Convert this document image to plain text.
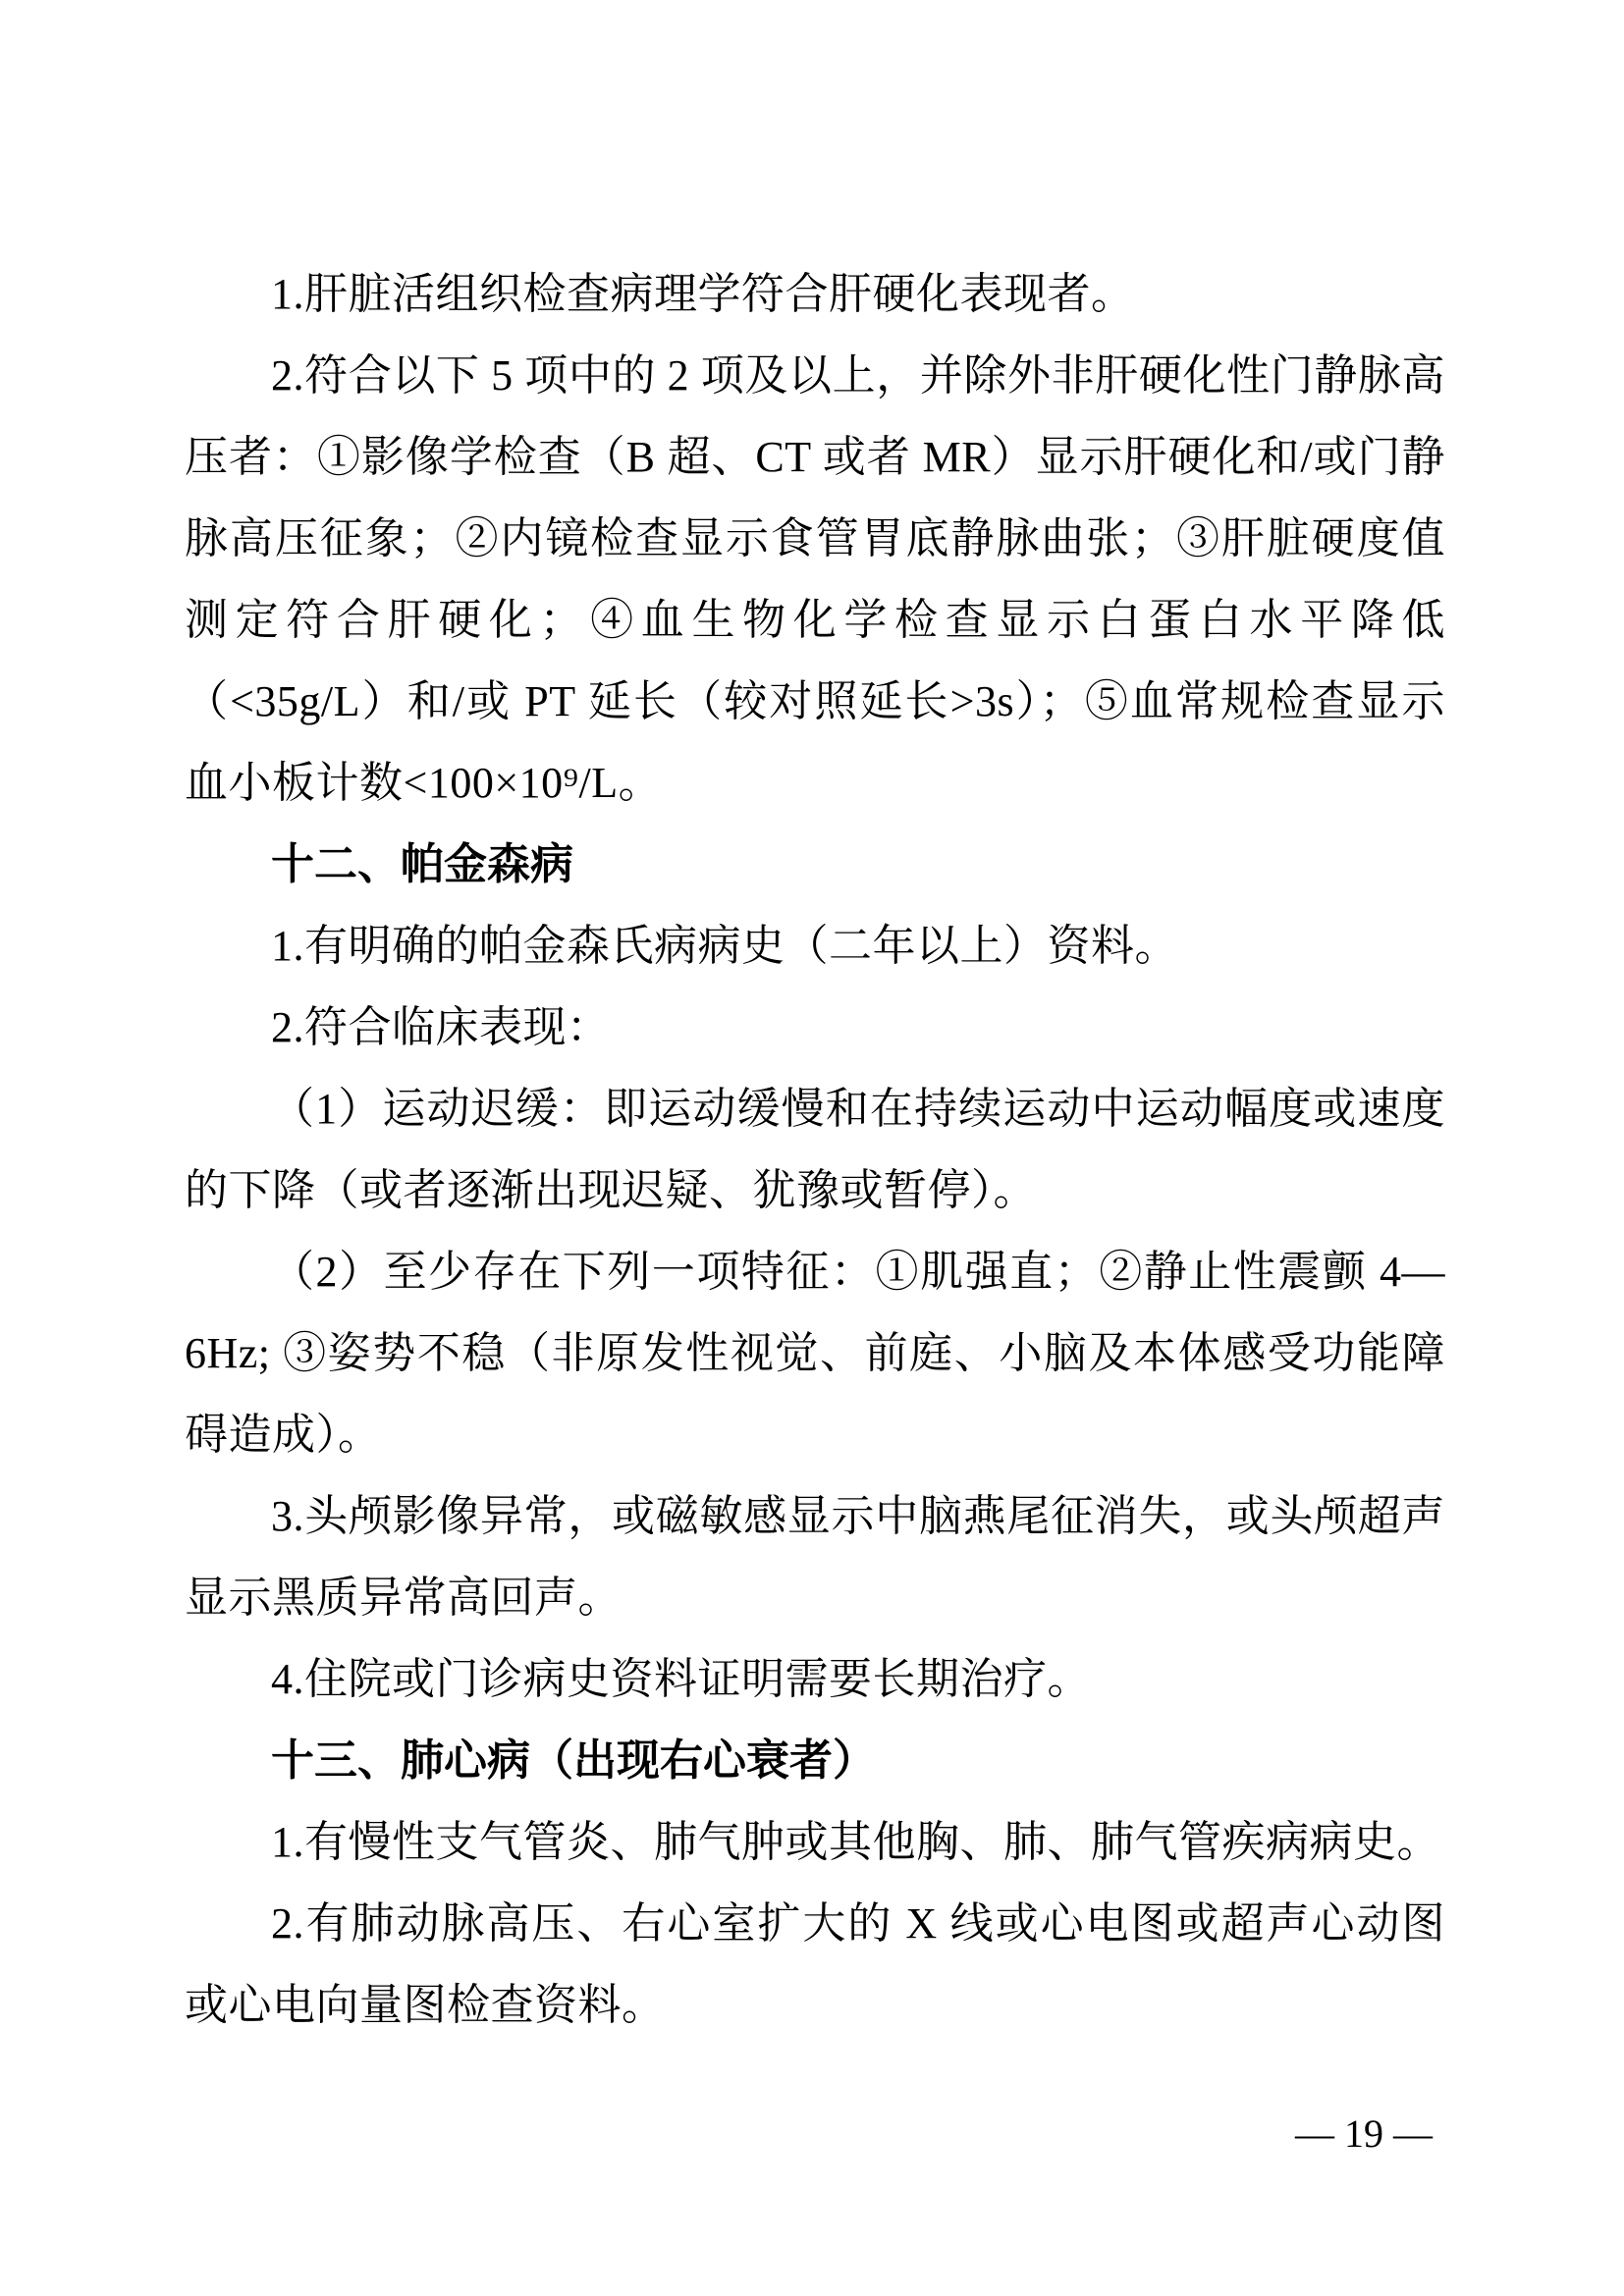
1.肝脏活组织检查病理学符合肝硬化表现者。

2.符合以下 5 项中的 2 项及以上，并除外非肝硬化性门静脉高压者：①影像学检查（B 超、CT 或者 MR）显示肝硬化和/或门静脉高压征象；②内镜检查显示食管胃底静脉曲张；③肝脏硬度值测定符合肝硬化；④血生物化学检查显示白蛋白水平降低（<35g/L）和/或 PT 延长（较对照延长>3s）；⑤血常规检查显示血小板计数<100×10⁹/L。

十二、帕金森病

1.有明确的帕金森氏病病史（二年以上）资料。

2.符合临床表现：

（1）运动迟缓：即运动缓慢和在持续运动中运动幅度或速度的下降（或者逐渐出现迟疑、犹豫或暂停）。

（2）至少存在下列一项特征：①肌强直；②静止性震颤 4—6Hz; ③姿势不稳（非原发性视觉、前庭、小脑及本体感受功能障碍造成）。

3.头颅影像异常，或磁敏感显示中脑燕尾征消失，或头颅超声显示黑质异常高回声。

4.住院或门诊病史资料证明需要长期治疗。

十三、肺心病（出现右心衰者）

1.有慢性支气管炎、肺气肿或其他胸、肺、肺气管疾病病史。

2.有肺动脉高压、右心室扩大的 X 线或心电图或超声心动图或心电向量图检查资料。

— 19 —
